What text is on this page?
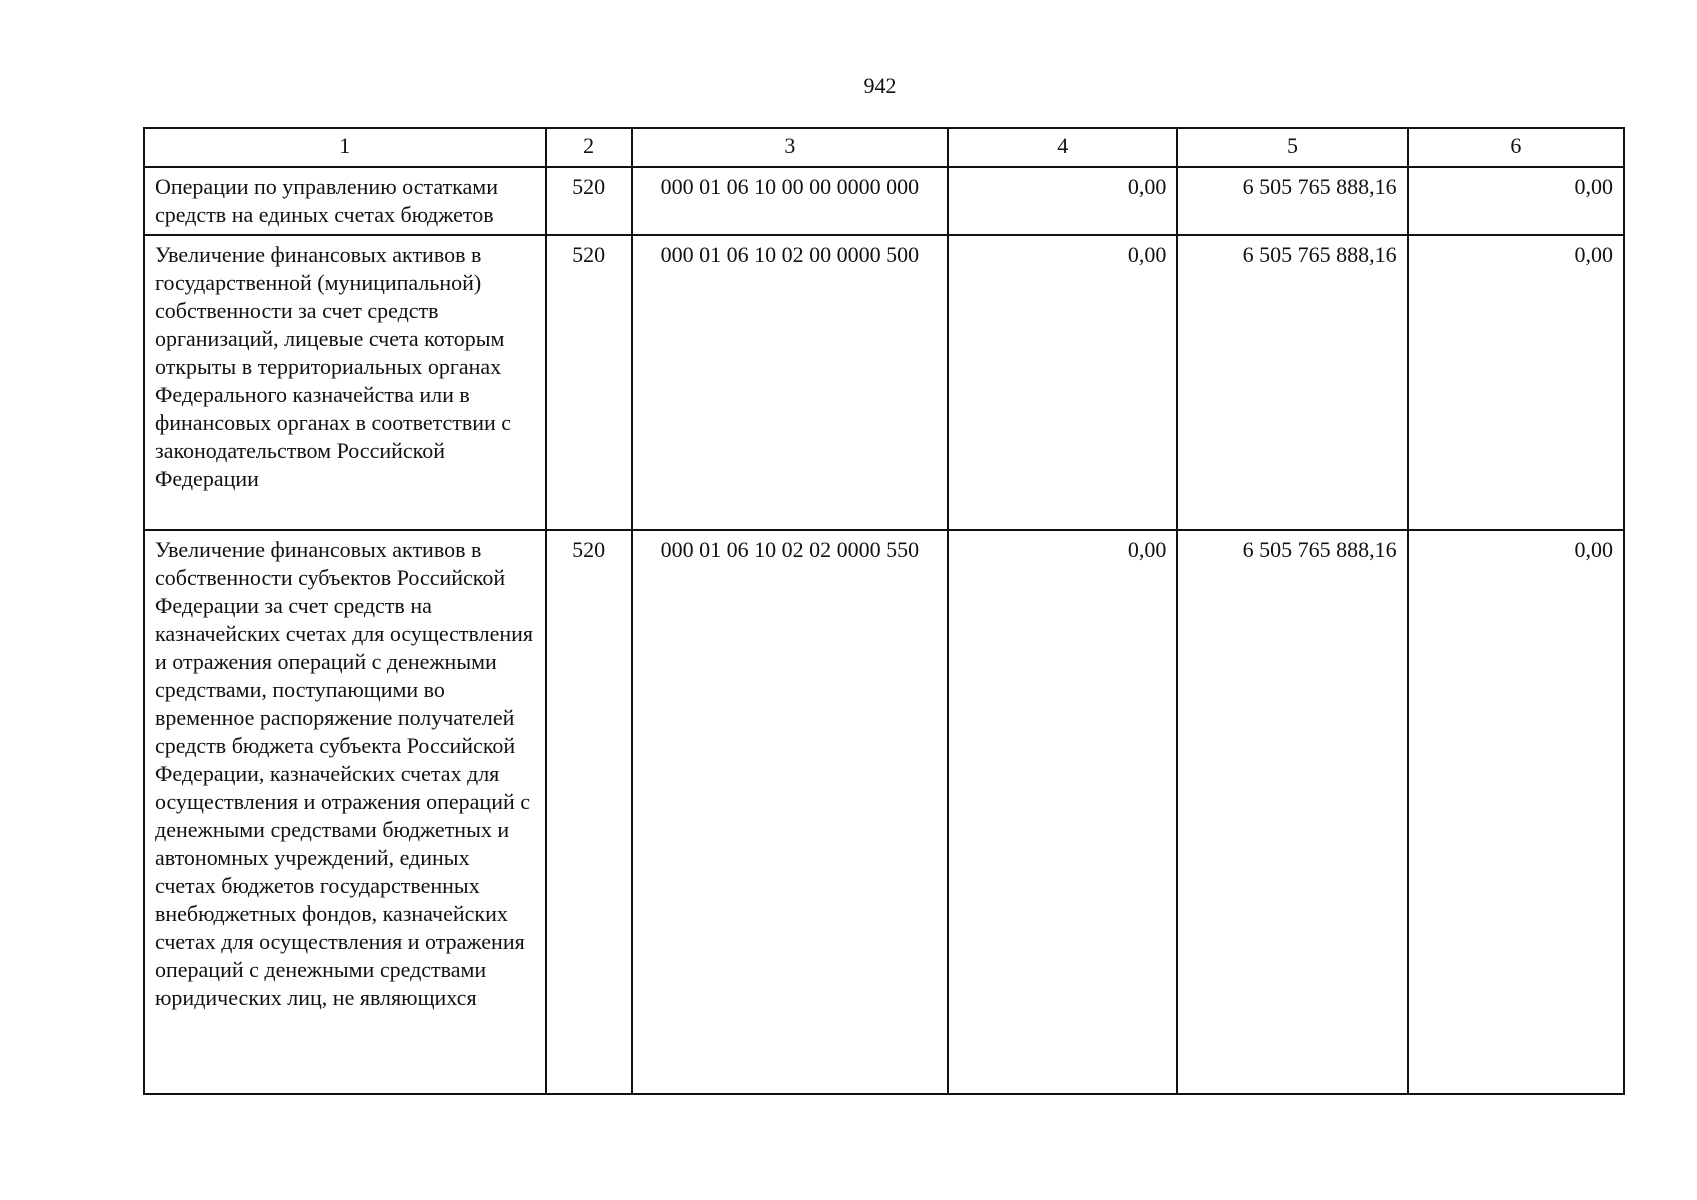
942
1	2	3	4	5	6
Операции по управлению остатками средств на единых счетах бюджетов	520	000 01 06 10 00 00 0000 000	0,00	6 505 765 888,16	0,00
Увеличение финансовых активов в государственной (муниципальной) собственности за счет средств организаций, лицевые счета которым открыты в территориальных органах Федерального казначейства или в финансовых органах в соответствии с законодательством Российской Федерации	520	000 01 06 10 02 00 0000 500	0,00	6 505 765 888,16	0,00
Увеличение финансовых активов в собственности субъектов Российской Федерации за счет средств на казначейских счетах для осуществления и отражения операций с денежными средствами, поступающими во временное распоряжение получателей средств бюджета субъекта Российской Федерации, казначейских счетах для осуществления и отражения операций с денежными средствами бюджетных и автономных учреждений, единых счетах бюджетов государственных внебюджетных фондов, казначейских счетах для осуществления и отражения операций с денежными средствами юридических лиц, не являющихся	520	000 01 06 10 02 02 0000 550	0,00	6 505 765 888,16	0,00
